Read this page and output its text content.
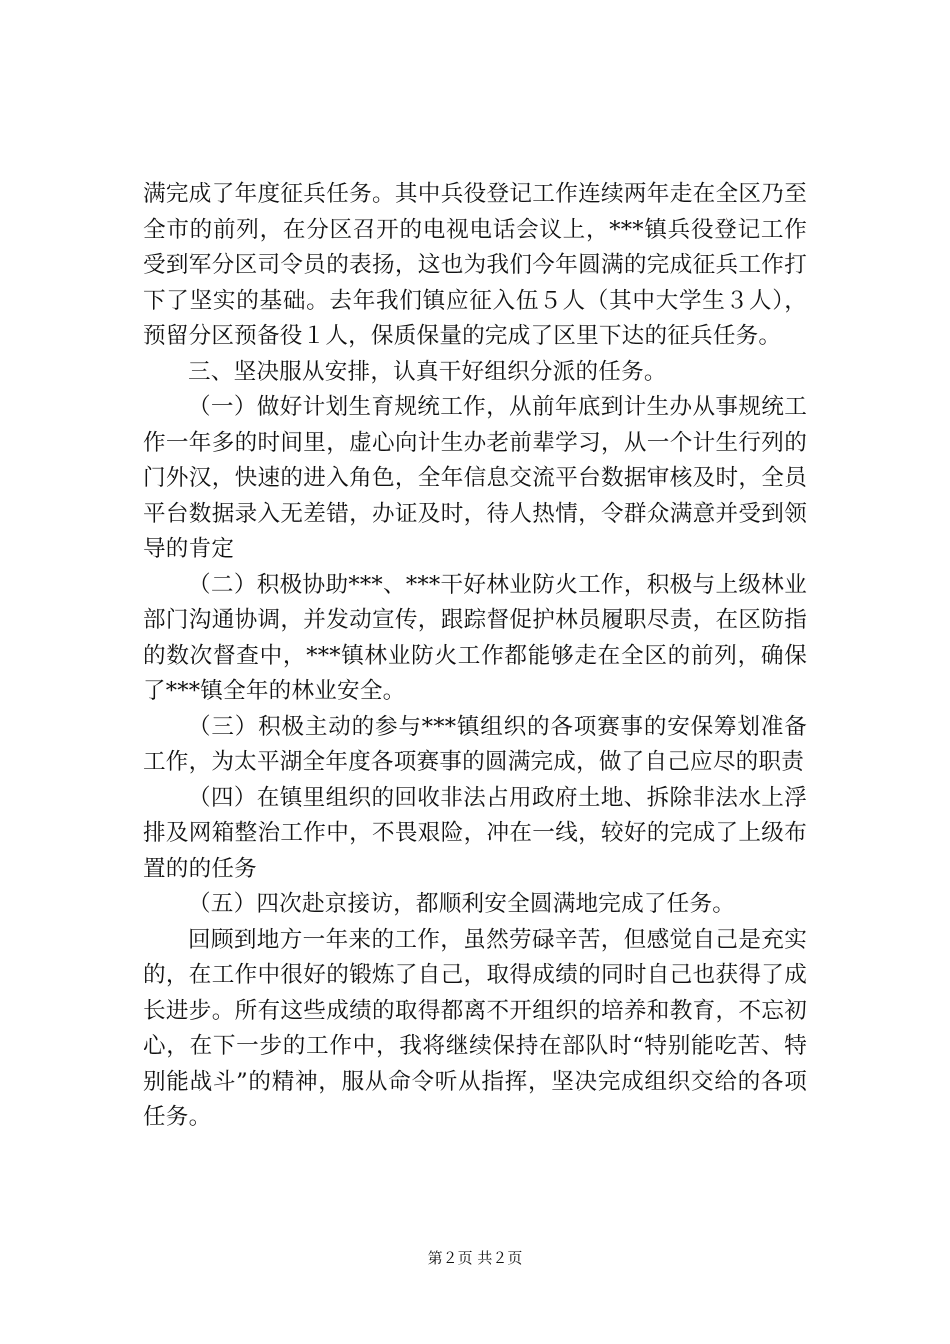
满完成了年度征兵任务。其中兵役登记工作连续两年走在全区乃至全市的前列，在分区召开的电视电话会议上，***镇兵役登记工作受到军分区司令员的表扬，这也为我们今年圆满的完成征兵工作打下了坚实的基础。去年我们镇应征入伍５人（其中大学生３人），预留分区预备役１人，保质保量的完成了区里下达的征兵任务。

三、坚决服从安排，认真干好组织分派的任务。

（一）做好计划生育规统工作，从前年底到计生办从事规统工作一年多的时间里，虚心向计生办老前辈学习，从一个计生行列的门外汉，快速的进入角色，全年信息交流平台数据审核及时，全员平台数据录入无差错，办证及时，待人热情，令群众满意并受到领导的肯定

（二）积极协助***、***干好林业防火工作，积极与上级林业部门沟通协调，并发动宣传，跟踪督促护林员履职尽责，在区防指的数次督查中，***镇林业防火工作都能够走在全区的前列，确保了***镇全年的林业安全。

（三）积极主动的参与***镇组织的各项赛事的安保筹划准备工作，为太平湖全年度各项赛事的圆满完成，做了自己应尽的职责

（四）在镇里组织的回收非法占用政府土地、拆除非法水上浮排及网箱整治工作中，不畏艰险，冲在一线，较好的完成了上级布置的的任务

（五）四次赴京接访，都顺利安全圆满地完成了任务。

回顾到地方一年来的工作，虽然劳碌辛苦，但感觉自己是充实的，在工作中很好的锻炼了自己，取得成绩的同时自己也获得了成长进步。所有这些成绩的取得都离不开组织的培养和教育，不忘初心，在下一步的工作中，我将继续保持在部队时“特别能吃苦、特别能战斗”的精神，服从命令听从指挥，坚决完成组织交给的各项任务。

第２页 共２页
